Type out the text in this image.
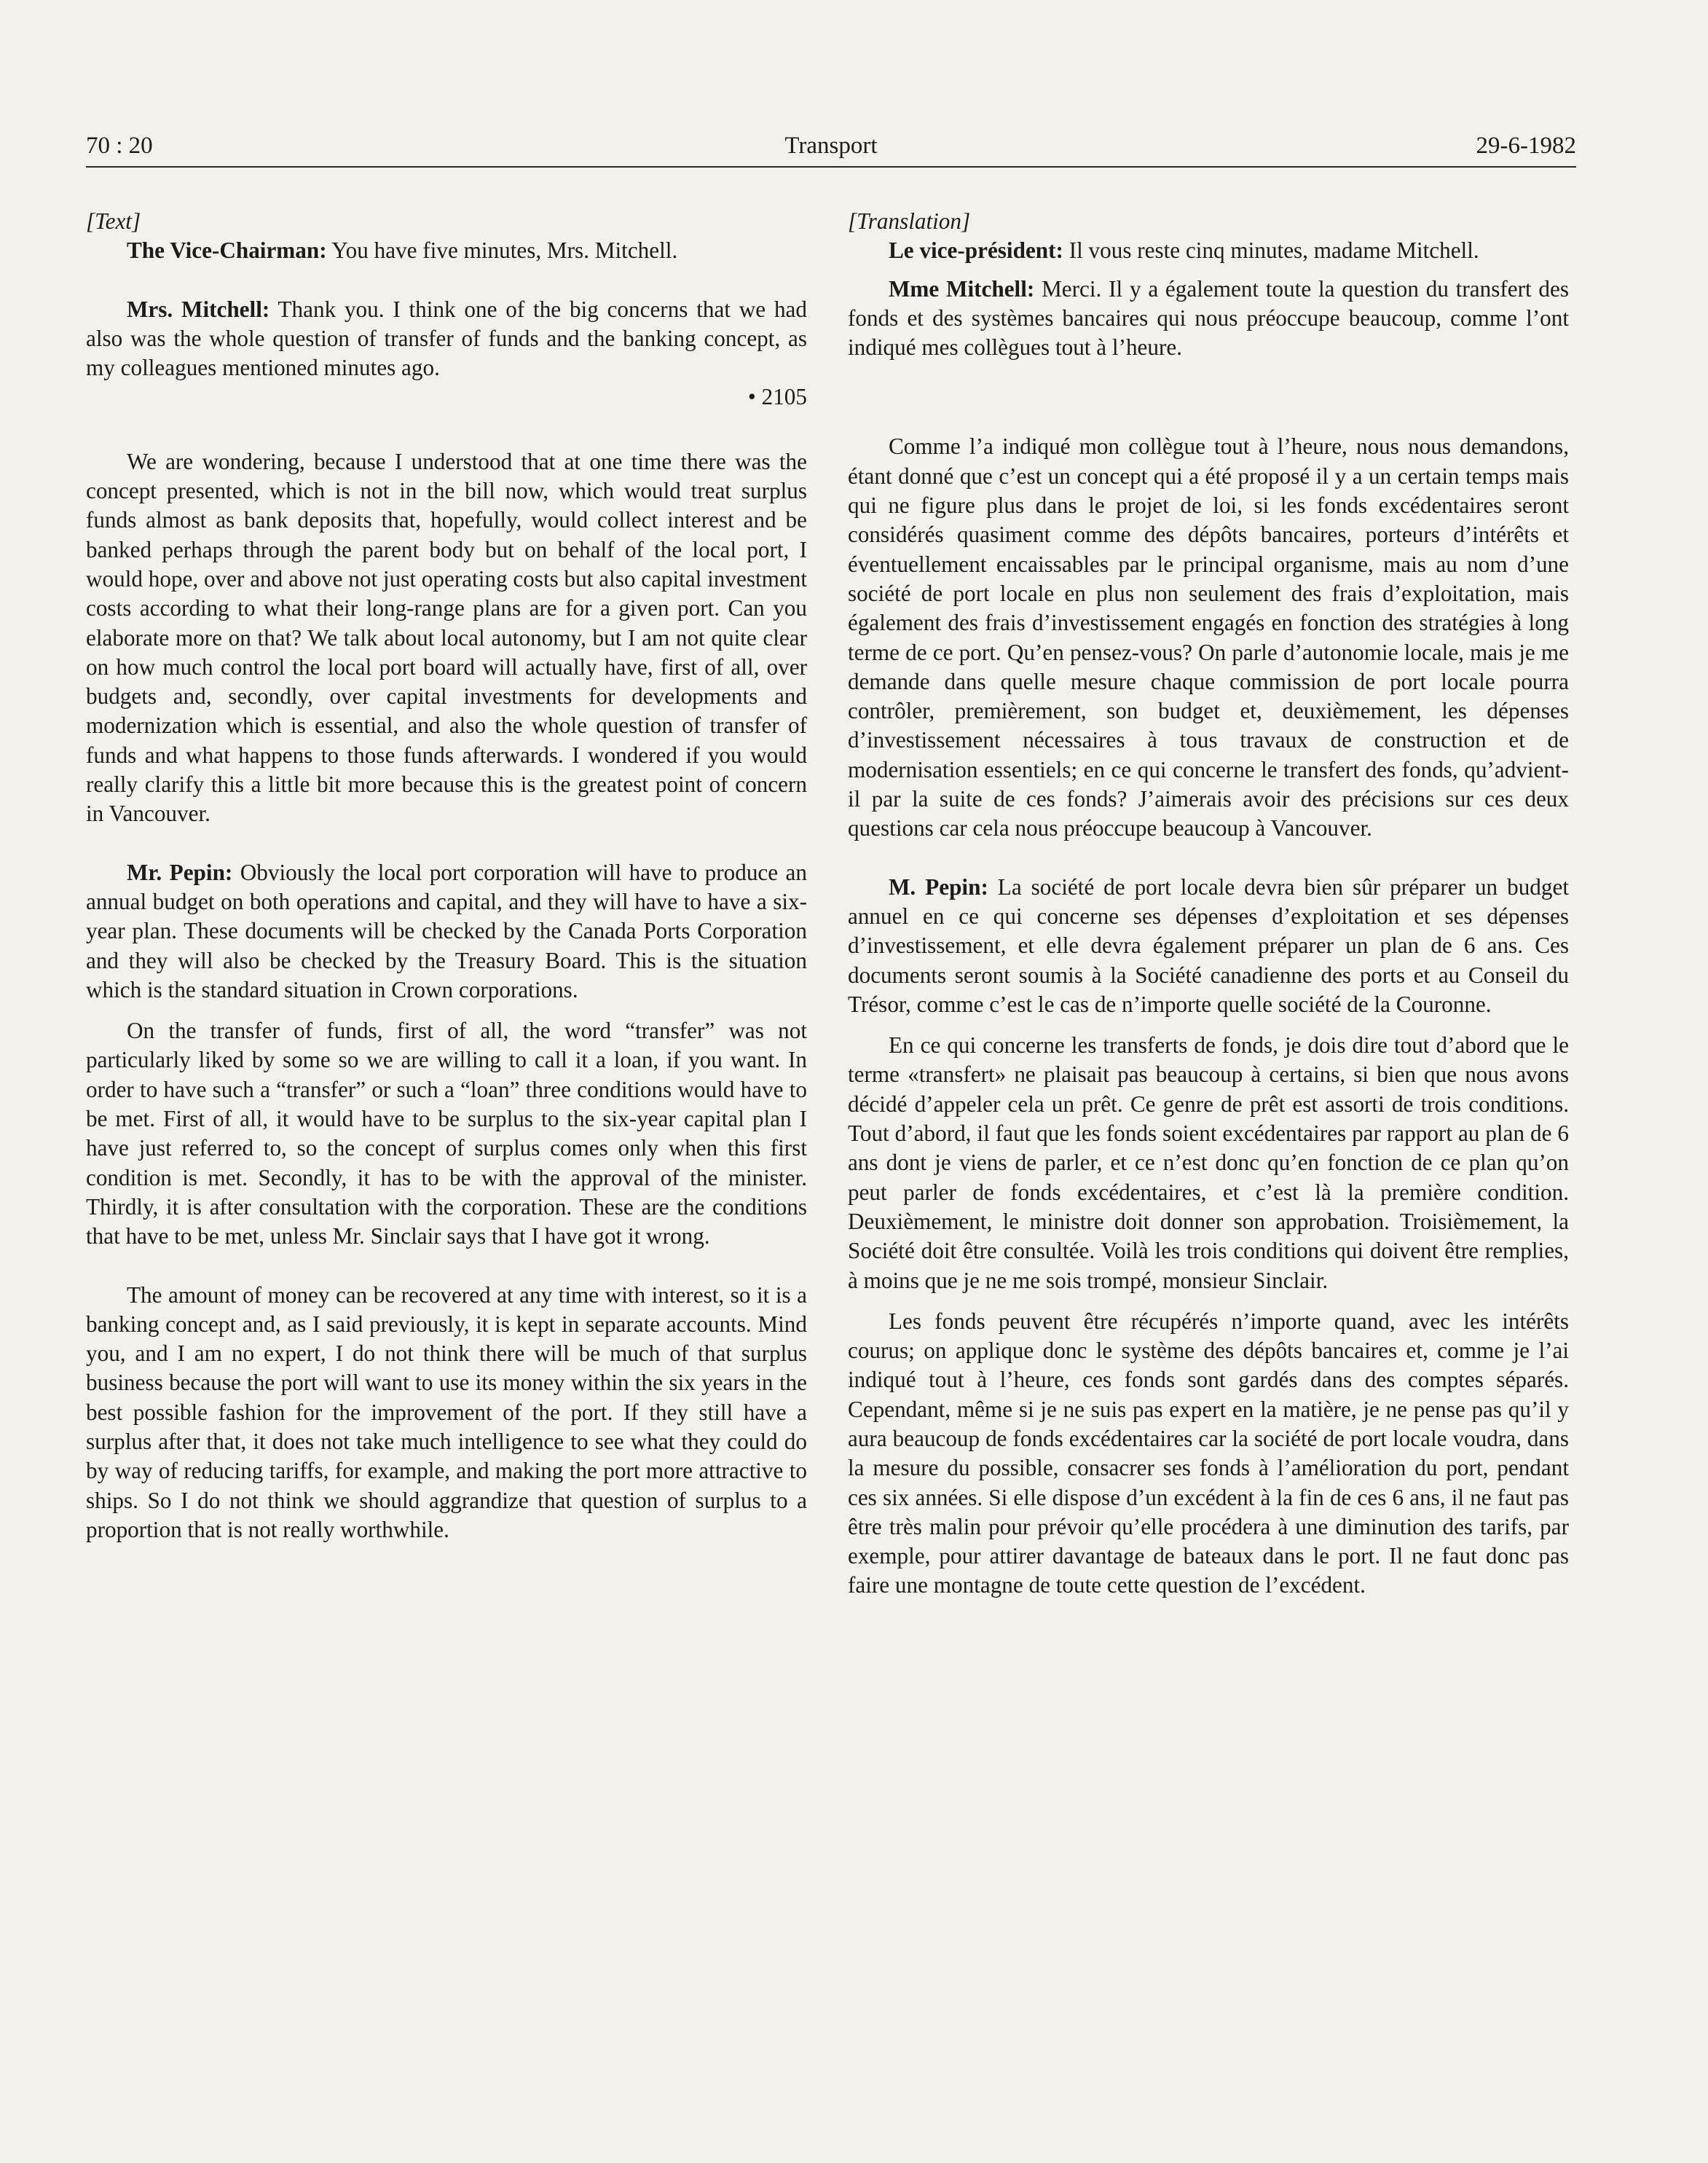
70 : 20	Transport	29-6-1982

[Text]

The Vice-Chairman: You have five minutes, Mrs. Mitchell.

Mrs. Mitchell: Thank you. I think one of the big concerns that we had also was the whole question of transfer of funds and the banking concept, as my colleagues mentioned minutes ago.

• 2105

We are wondering, because I understood that at one time there was the concept presented, which is not in the bill now, which would treat surplus funds almost as bank deposits that, hopefully, would collect interest and be banked perhaps through the parent body but on behalf of the local port, I would hope, over and above not just operating costs but also capital investment costs according to what their long-range plans are for a given port. Can you elaborate more on that? We talk about local autonomy, but I am not quite clear on how much control the local port board will actually have, first of all, over budgets and, secondly, over capital investments for developments and modernization which is essential, and also the whole question of transfer of funds and what happens to those funds afterwards. I wondered if you would really clarify this a little bit more because this is the greatest point of concern in Vancouver.

Mr. Pepin: Obviously the local port corporation will have to produce an annual budget on both operations and capital, and they will have to have a six-year plan. These documents will be checked by the Canada Ports Corporation and they will also be checked by the Treasury Board. This is the situation which is the standard situation in Crown corporations.

On the transfer of funds, first of all, the word “transfer” was not particularly liked by some so we are willing to call it a loan, if you want. In order to have such a “transfer” or such a “loan” three conditions would have to be met. First of all, it would have to be surplus to the six-year capital plan I have just referred to, so the concept of surplus comes only when this first condition is met. Secondly, it has to be with the approval of the minister. Thirdly, it is after consultation with the corporation. These are the conditions that have to be met, unless Mr. Sinclair says that I have got it wrong.

The amount of money can be recovered at any time with interest, so it is a banking concept and, as I said previously, it is kept in separate accounts. Mind you, and I am no expert, I do not think there will be much of that surplus business because the port will want to use its money within the six years in the best possible fashion for the improvement of the port. If they still have a surplus after that, it does not take much intelligence to see what they could do by way of reducing tariffs, for example, and making the port more attractive to ships. So I do not think we should aggrandize that question of surplus to a proportion that is not really worthwhile.

[Translation]

Le vice-président: Il vous reste cinq minutes, madame Mitchell.

Mme Mitchell: Merci. Il y a également toute la question du transfert des fonds et des systèmes bancaires qui nous préoccupe beaucoup, comme l’ont indiqué mes collègues tout à l’heure.

Comme l’a indiqué mon collègue tout à l’heure, nous nous demandons, étant donné que c’est un concept qui a été proposé il y a un certain temps mais qui ne figure plus dans le projet de loi, si les fonds excédentaires seront considérés quasiment comme des dépôts bancaires, porteurs d’intérêts et éventuellement encaissables par le principal organisme, mais au nom d’une société de port locale en plus non seulement des frais d’exploitation, mais également des frais d’investissement engagés en fonction des stratégies à long terme de ce port. Qu’en pensez-vous? On parle d’autonomie locale, mais je me demande dans quelle mesure chaque commission de port locale pourra contrôler, premièrement, son budget et, deuxièmement, les dépenses d’investissement nécessaires à tous travaux de construction et de modernisation essentiels; en ce qui concerne le transfert des fonds, qu’advient-il par la suite de ces fonds? J’aimerais avoir des précisions sur ces deux questions car cela nous préoccupe beaucoup à Vancouver.

M. Pepin: La société de port locale devra bien sûr préparer un budget annuel en ce qui concerne ses dépenses d’exploitation et ses dépenses d’investissement, et elle devra également préparer un plan de 6 ans. Ces documents seront soumis à la Société canadienne des ports et au Conseil du Trésor, comme c’est le cas de n’importe quelle société de la Couronne.

En ce qui concerne les transferts de fonds, je dois dire tout d’abord que le terme «transfert» ne plaisait pas beaucoup à certains, si bien que nous avons décidé d’appeler cela un prêt. Ce genre de prêt est assorti de trois conditions. Tout d’abord, il faut que les fonds soient excédentaires par rapport au plan de 6 ans dont je viens de parler, et ce n’est donc qu’en fonction de ce plan qu’on peut parler de fonds excédentaires, et c’est là la première condition. Deuxièmement, le ministre doit donner son approbation. Troisièmement, la Société doit être consultée. Voilà les trois conditions qui doivent être remplies, à moins que je ne me sois trompé, monsieur Sinclair.

Les fonds peuvent être récupérés n’importe quand, avec les intérêts courus; on applique donc le système des dépôts bancaires et, comme je l’ai indiqué tout à l’heure, ces fonds sont gardés dans des comptes séparés. Cependant, même si je ne suis pas expert en la matière, je ne pense pas qu’il y aura beaucoup de fonds excédentaires car la société de port locale voudra, dans la mesure du possible, consacrer ses fonds à l’amélioration du port, pendant ces six années. Si elle dispose d’un excédent à la fin de ces 6 ans, il ne faut pas être très malin pour prévoir qu’elle procédera à une diminution des tarifs, par exemple, pour attirer davantage de bateaux dans le port. Il ne faut donc pas faire une montagne de toute cette question de l’excédent.
